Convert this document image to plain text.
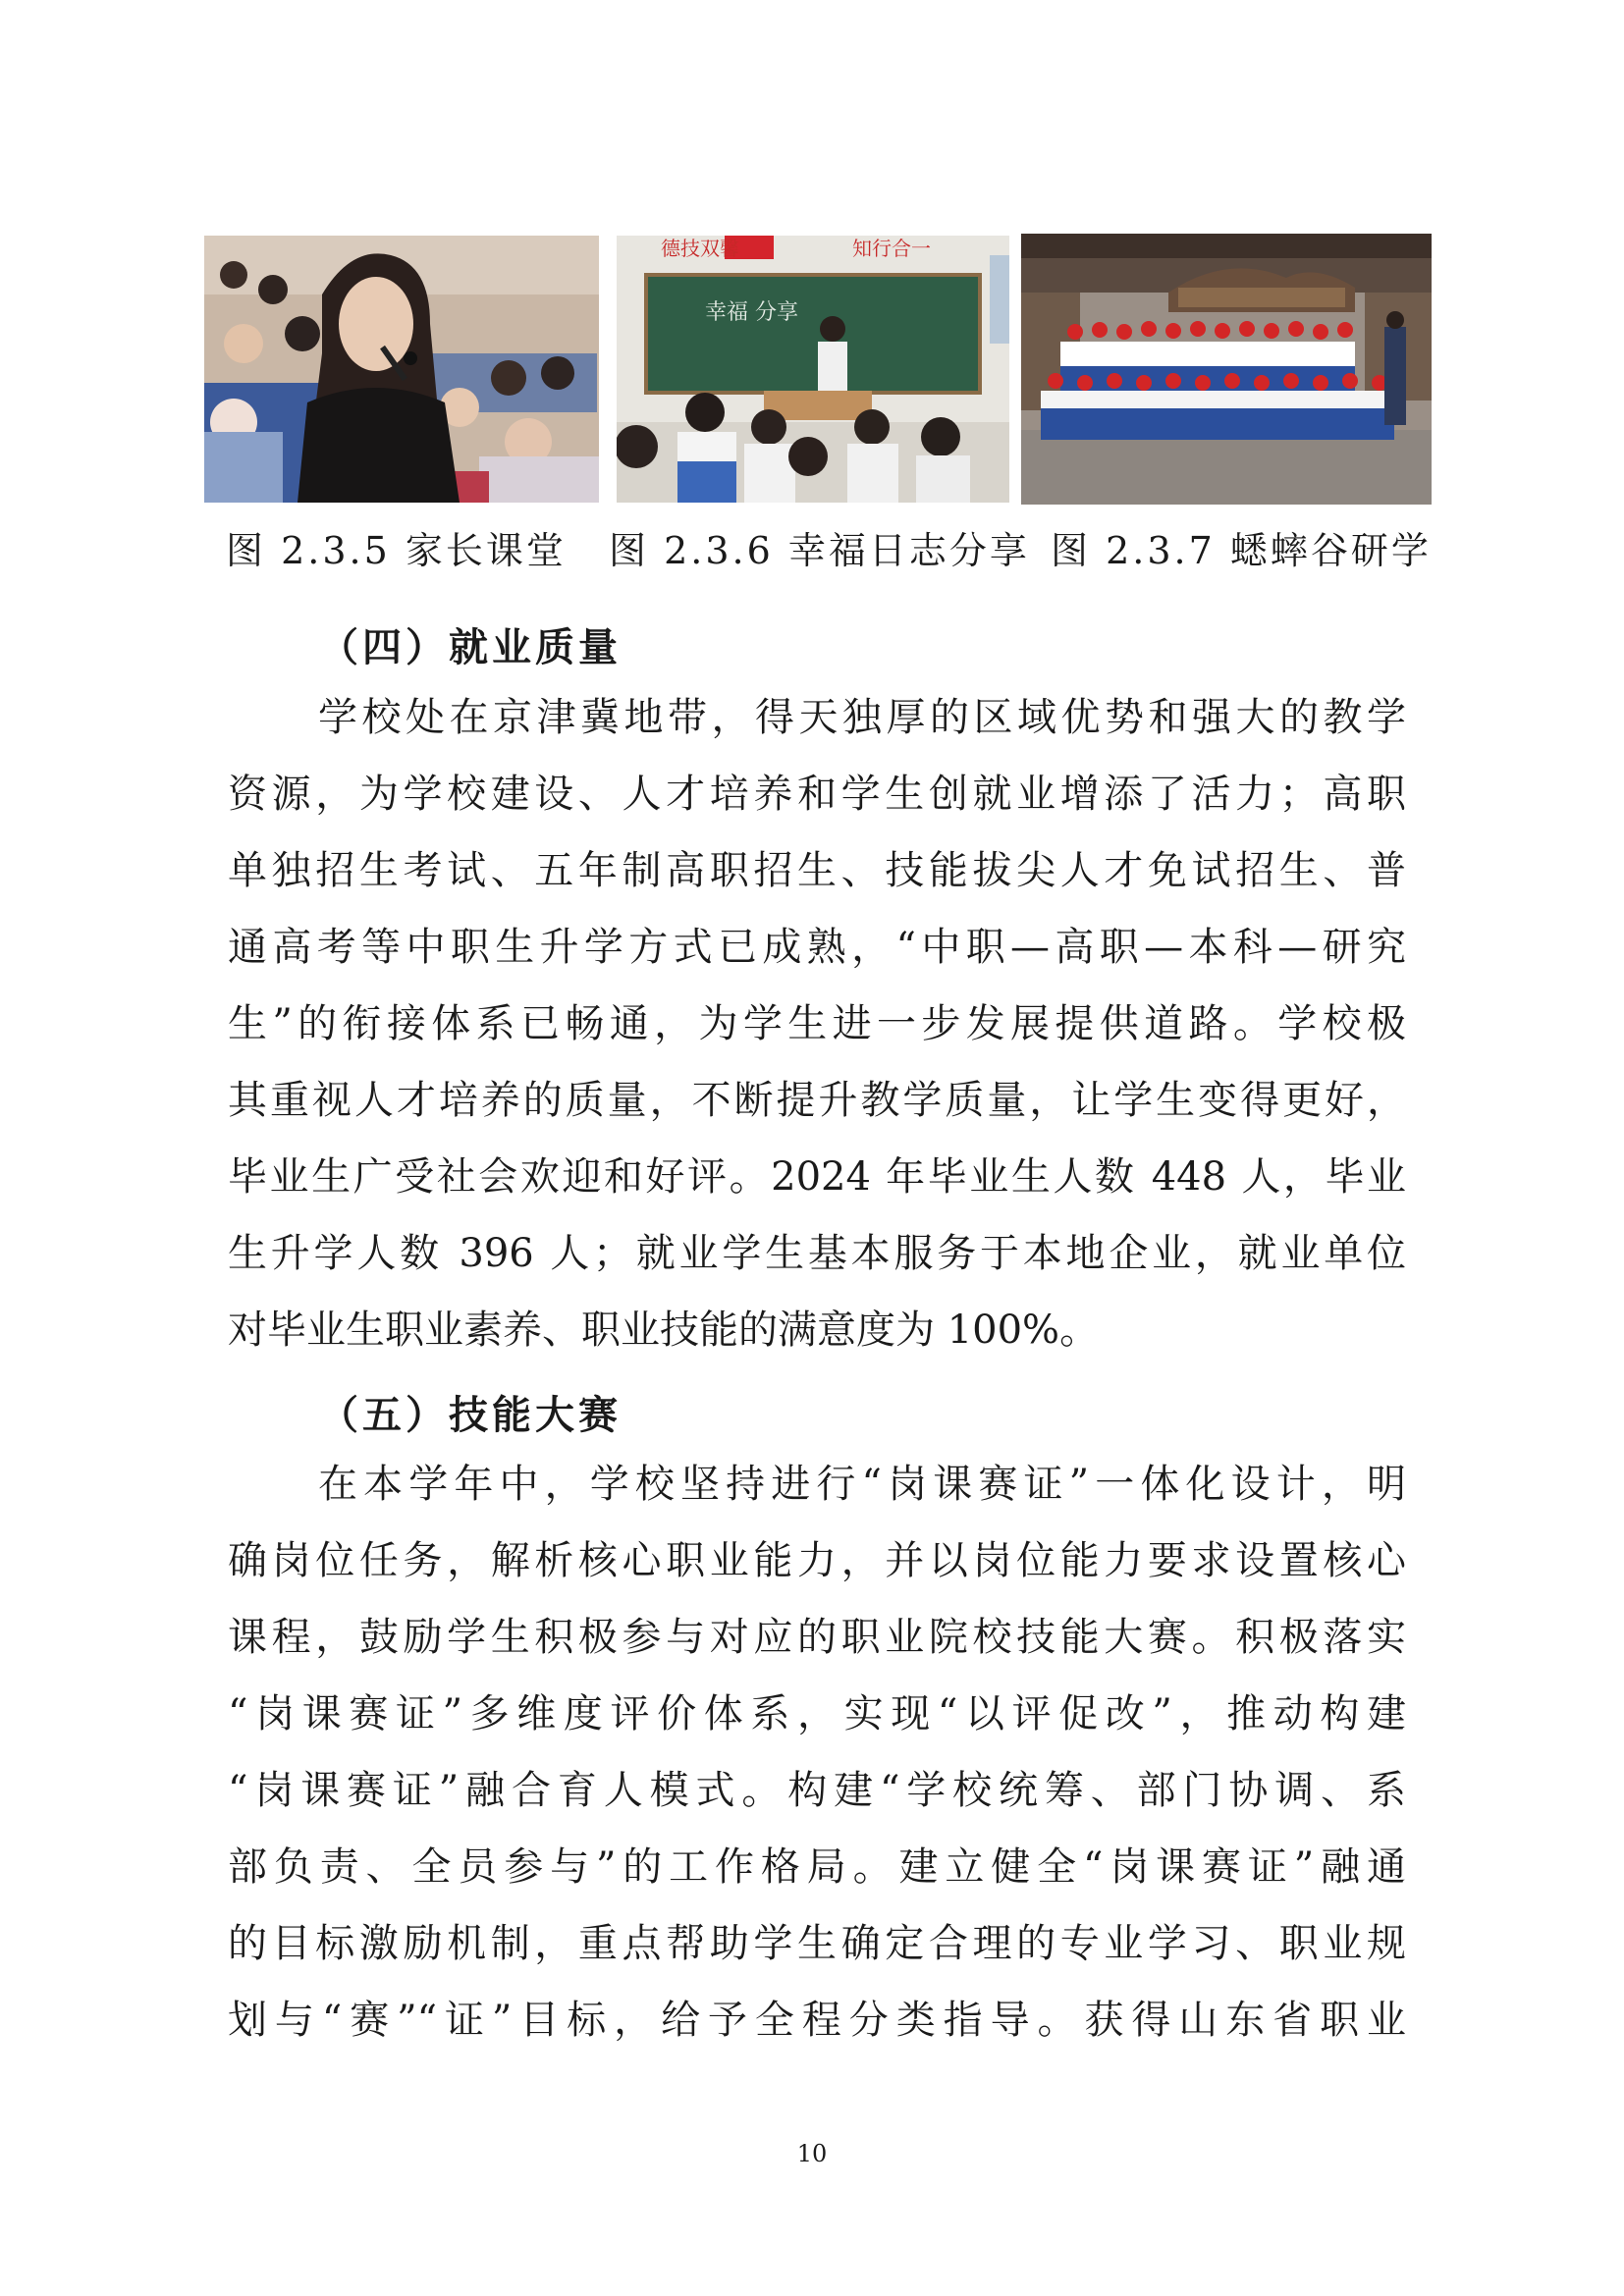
德技双馨	知行合一
幸福 分享
图 2.3.5 家长课堂 图 2.3.6 幸福日志分享 图 2.3.7 蟋蟀谷研学
（四）就业质量
学校处在京津冀地带，得天独厚的区域优势和强大的教学
资源，为学校建设、人才培养和学生创就业增添了活力；高职
单独招生考试、五年制高职招生、技能拔尖人才免试招生、普
通高考等中职生升学方式已成熟，“中职—高职—本科—研究
生”的衔接体系已畅通，为学生进一步发展提供道路。学校极
其重视人才培养的质量，不断提升教学质量，让学生变得更好，
毕业生广受社会欢迎和好评。2024 年毕业生人数 448 人，毕业
生升学人数 396 人；就业学生基本服务于本地企业，就业单位
对毕业生职业素养、职业技能的满意度为 100%。
（五）技能大赛
在本学年中，学校坚持进行“岗课赛证”一体化设计，明
确岗位任务，解析核心职业能力，并以岗位能力要求设置核心
课程，鼓励学生积极参与对应的职业院校技能大赛。积极落实
“岗课赛证”多维度评价体系，实现“以评促改”，推动构建
“岗课赛证”融合育人模式。构建“学校统筹、部门协调、系
部负责、全员参与”的工作格局。建立健全“岗课赛证”融通
的目标激励机制，重点帮助学生确定合理的专业学习、职业规
划与“赛”“证”目标，给予全程分类指导。获得山东省职业
10
